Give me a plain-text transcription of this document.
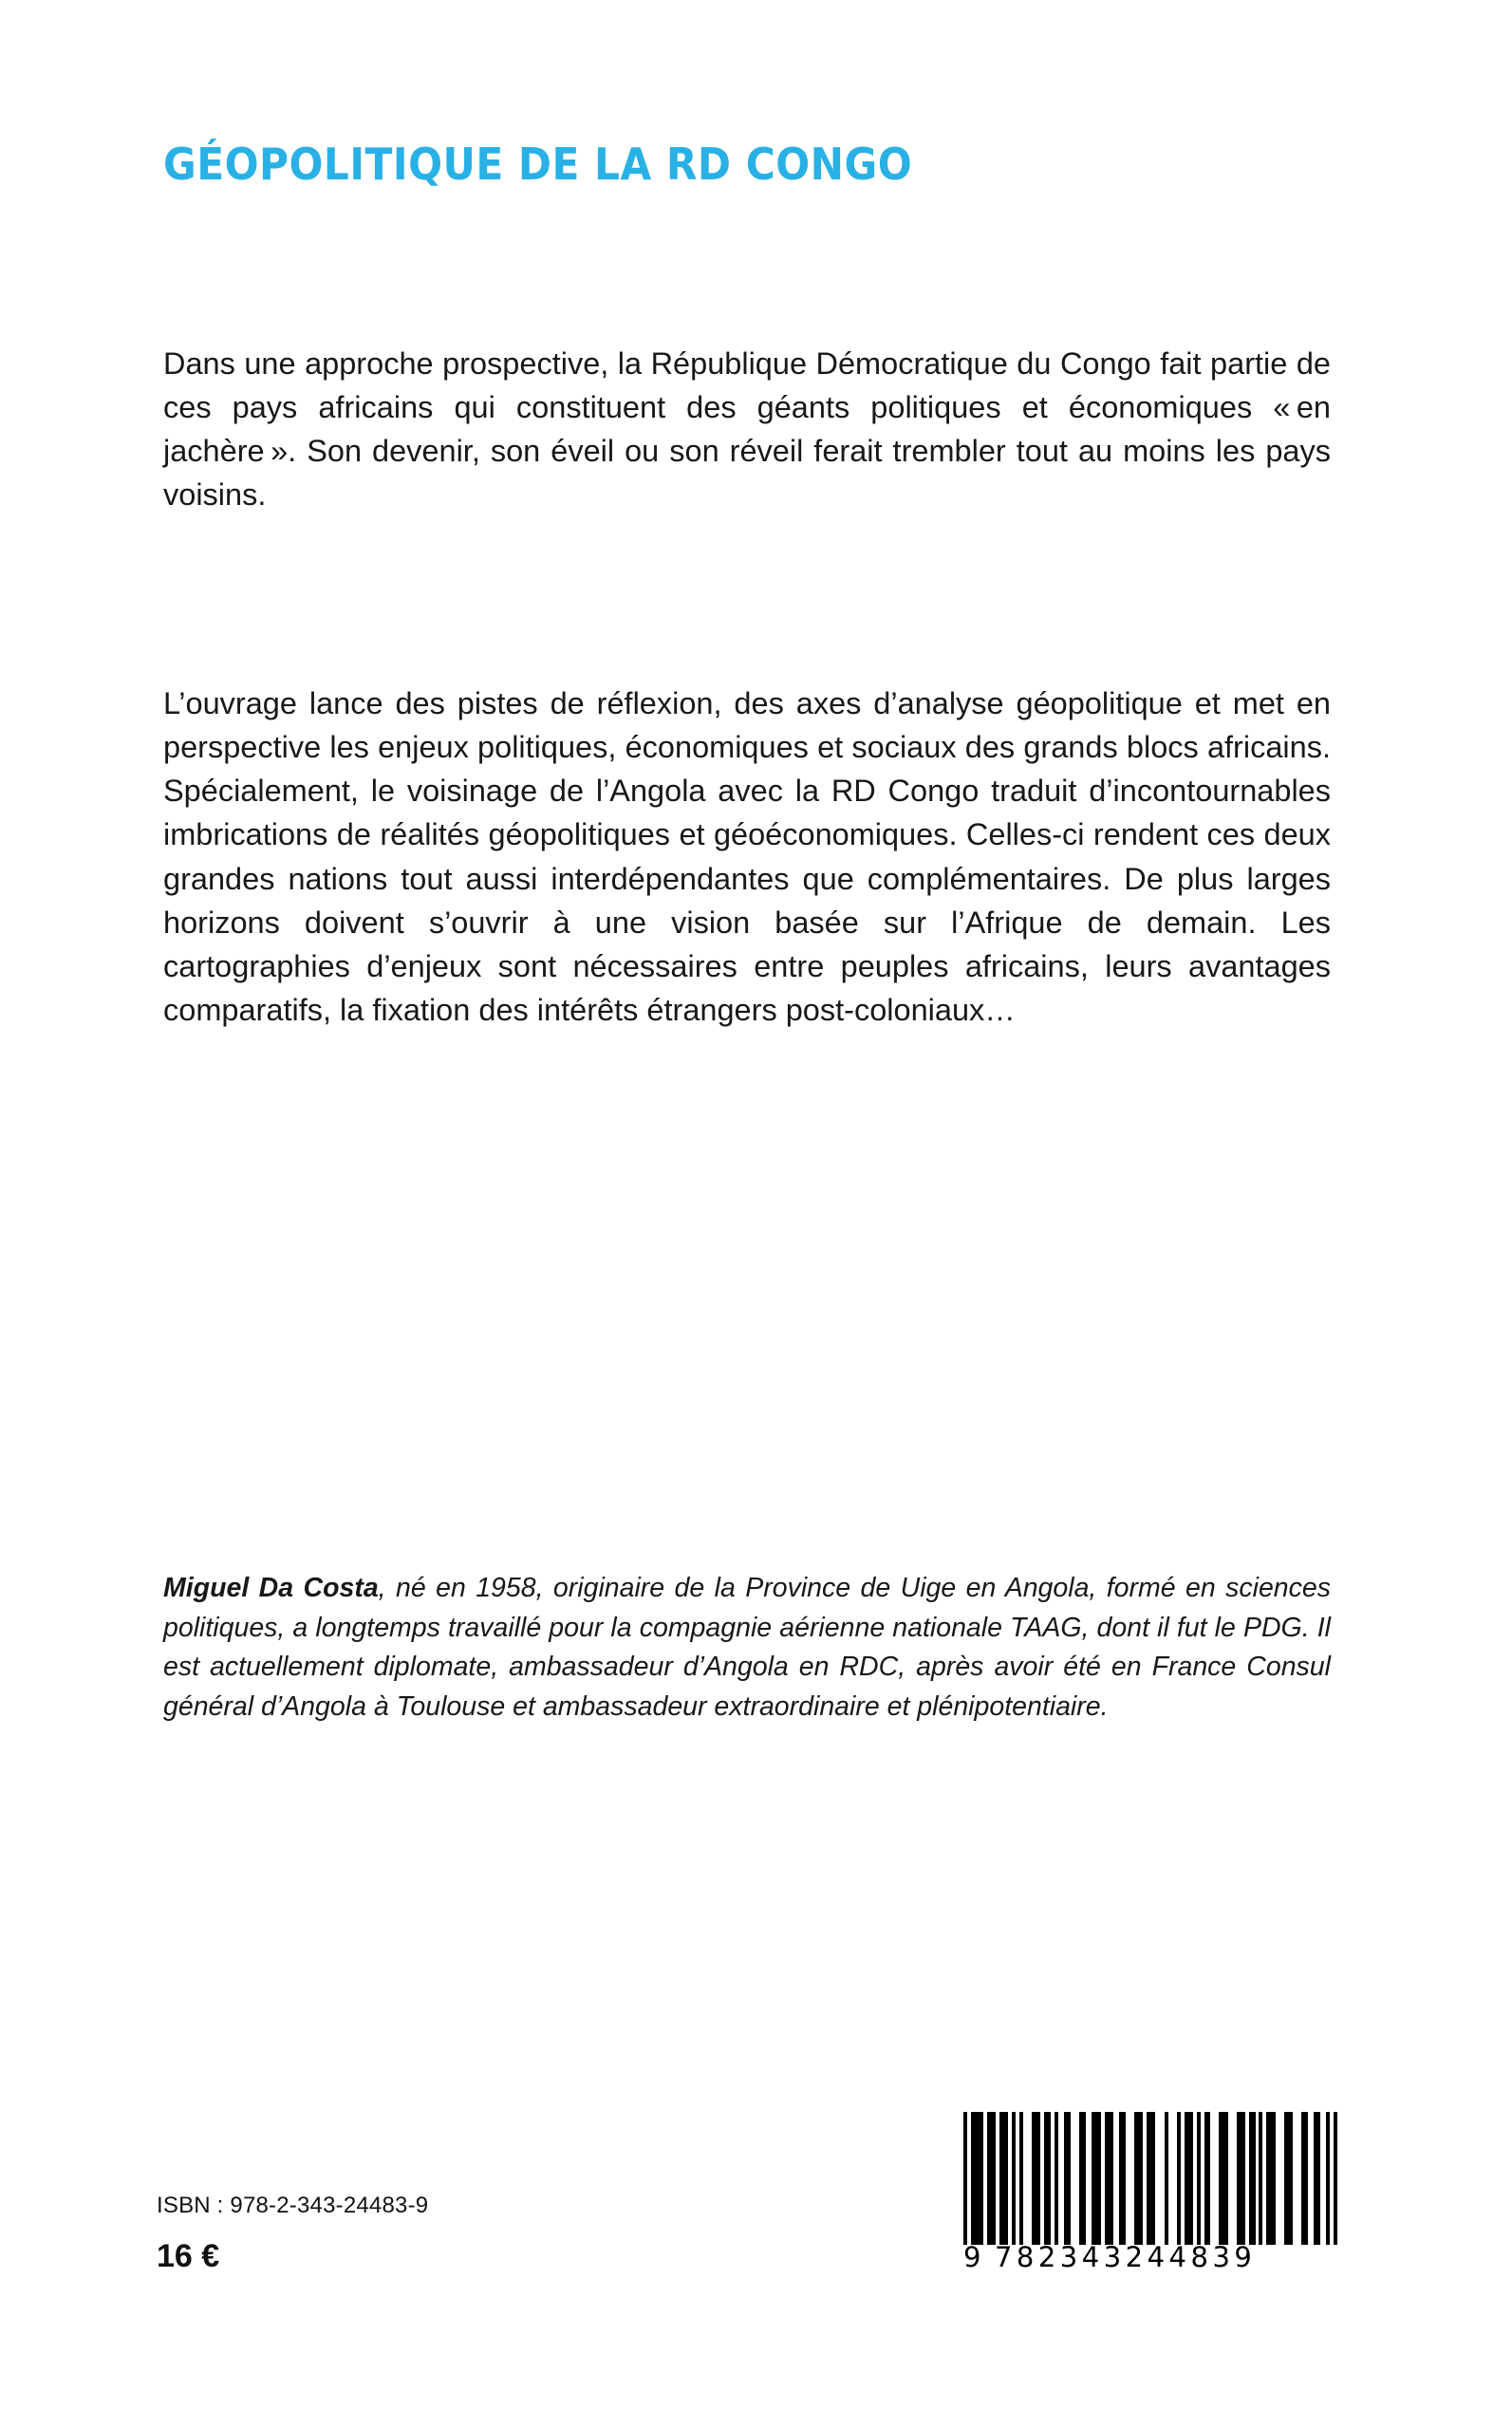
GÉOPOLITIQUE DE LA RD CONGO
Dans une approche prospective, la République Démocratique du Congo fait partie de ces pays africains qui constituent des géants politiques et économiques « en jachère ». Son devenir, son éveil ou son réveil ferait trembler tout au moins les pays voisins.
L’ouvrage lance des pistes de réflexion, des axes d’analyse géopolitique et met en perspective les enjeux politiques, économiques et sociaux des grands blocs africains. Spécialement, le voisinage de l’Angola avec la RD Congo traduit d’incontournables imbrications de réalités géopolitiques et géoéconomiques. Celles-ci rendent ces deux grandes nations tout aussi interdépendantes que complémentaires. De plus larges horizons doivent s’ouvrir à une vision basée sur l’Afrique de demain. Les cartographies d’enjeux sont nécessaires entre peuples africains, leurs avantages comparatifs, la fixation des intérêts étrangers post-coloniaux…
Miguel Da Costa, né en 1958, originaire de la Province de Uige en Angola, formé en sciences politiques, a longtemps travaillé pour la compagnie aérienne nationale TAAG, dont il fut le PDG. Il est actuellement diplomate, ambassadeur d’Angola en RDC, après avoir été en France Consul général d’Angola à Toulouse et ambassadeur extraordinaire et plénipotentiaire.
ISBN : 978-2-343-24483-9
16 €	9 782343244839
